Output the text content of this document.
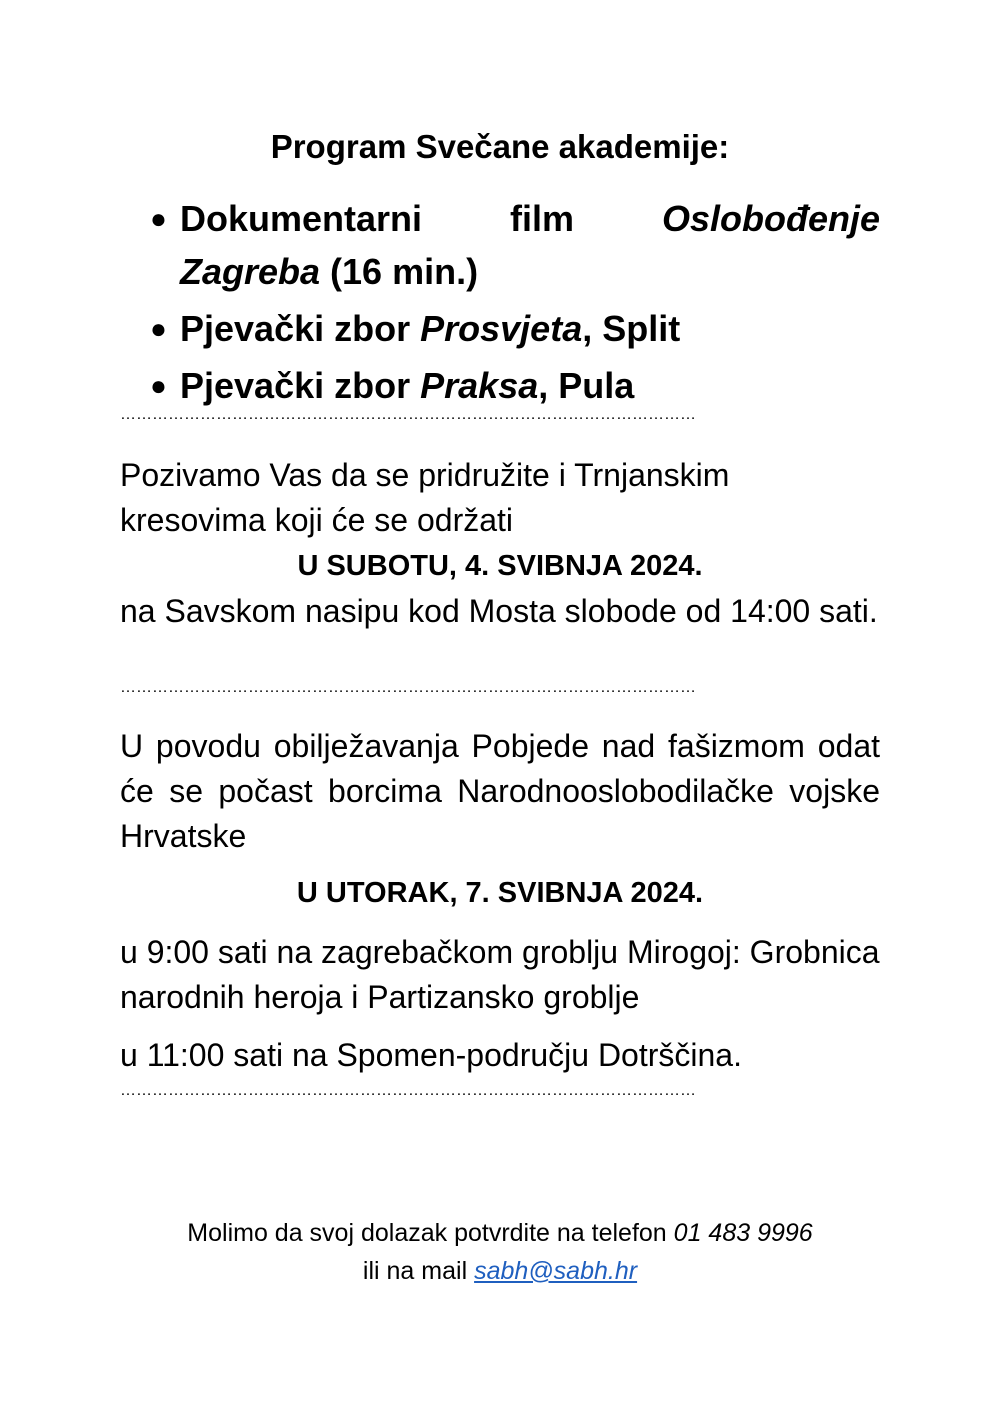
Program Svečane akademije:
● Dokumentarni film Oslobođenje
Zagreba (16 min.)
● Pjevački zbor Prosvjeta, Split
● Pjevački zbor Praksa, Pula
………………………………………………………………………………………………

Pozivamo Vas da se pridružite i Trnjanskim kresovima koji će se održati

U SUBOTU, 4. SVIBNJA 2024.

na Savskom nasipu kod Mosta slobode od 14:00 sati.

………………………………………………………………………………………………

U povodu obilježavanja Pobjede nad fašizmom odat će se počast borcima Narodnooslobodilačke vojske Hrvatske

U UTORAK, 7. SVIBNJA 2024.

u 9:00 sati na zagrebačkom groblju Mirogoj: Grobnica narodnih heroja i Partizansko groblje

u 11:00 sati na Spomen-području Dotrščina.

………………………………………………………………………………………………
Molimo da svoj dolazak potvrdite na telefon 01 483 9996
ili na mail sabh@sabh.hr
